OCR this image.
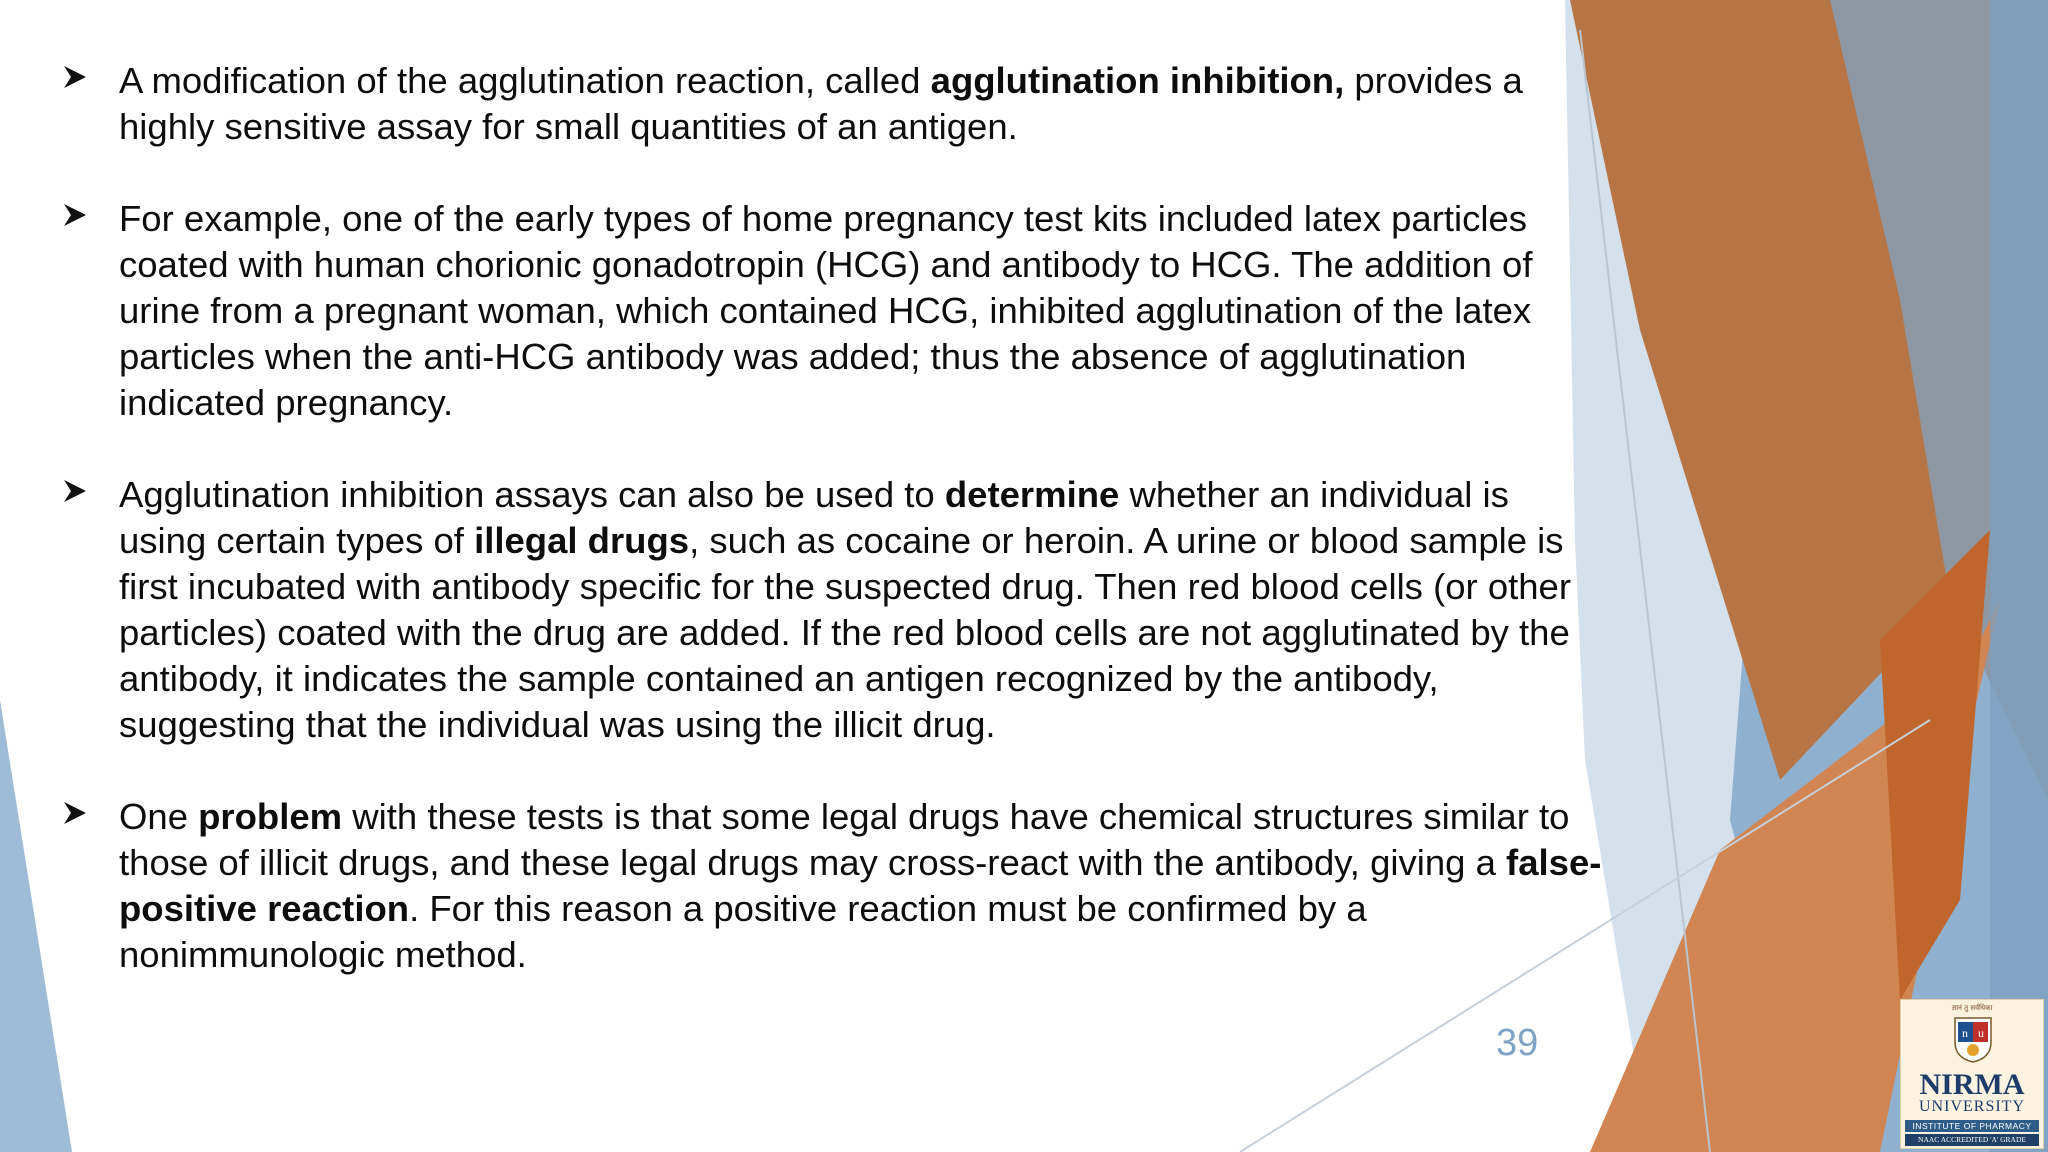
A modification of the agglutination reaction, called agglutination inhibition, provides a highly sensitive assay for small quantities of an antigen.
For example, one of the early types of home pregnancy test kits included latex particles coated with human chorionic gonadotropin (HCG) and antibody to HCG. The addition of urine from a pregnant woman, which contained HCG, inhibited agglutination of the latex particles when the anti-HCG antibody was added; thus the absence of agglutination indicated pregnancy.
Agglutination inhibition assays can also be used to determine whether an individual is using certain types of illegal drugs, such as cocaine or heroin. A urine or blood sample is first incubated with antibody specific for the suspected drug. Then red blood cells (or other particles) coated with the drug are added. If the red blood cells are not agglutinated by the antibody, it indicates the sample contained an antigen recognized by the antibody, suggesting that the individual was using the illicit drug.
One problem with these tests is that some legal drugs have chemical structures similar to those of illicit drugs, and these legal drugs may cross-react with the antibody, giving a false-positive reaction. For this reason a positive reaction must be confirmed by a nonimmunologic method.
39
ज्ञानं तु सर्वधिका
n u
NIRMA
UNIVERSITY
INSTITUTE OF PHARMACY
NAAC ACCREDITED 'A' GRADE
